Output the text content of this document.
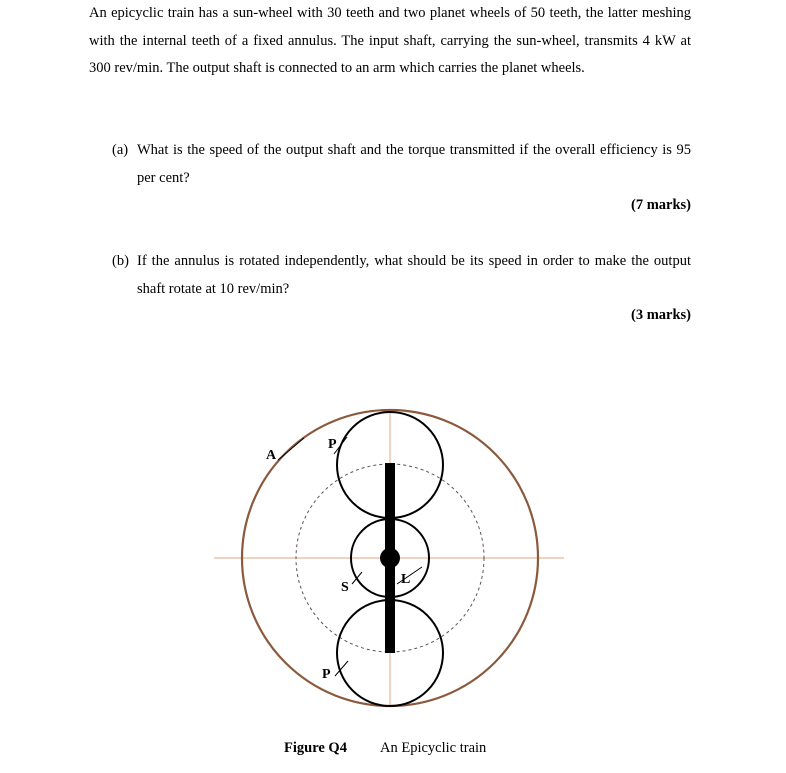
An epicyclic train has a sun-wheel with 30 teeth and two planet wheels of 50 teeth, the latter meshing with the internal teeth of a fixed annulus. The input shaft, carrying the sun-wheel, transmits 4 kW at 300 rev/min. The output shaft is connected to an arm which carries the planet wheels.
(a) What is the speed of the output shaft and the torque transmitted if the overall efficiency is 95 per cent?
(7 marks)
(b) If the annulus is rotated independently, what should be its speed in order to make the output shaft rotate at 10 rev/min?
(3 marks)
A
P
P
S
L
Figure Q4 An Epicyclic train
